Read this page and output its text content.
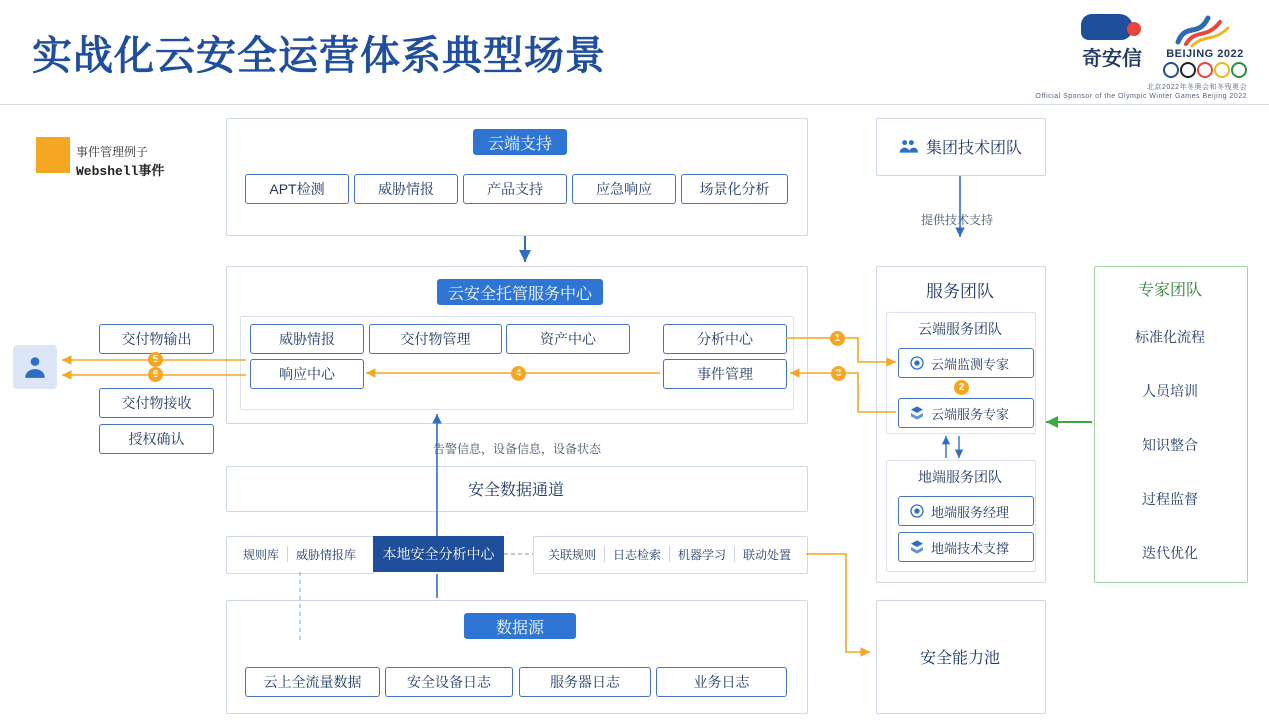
实战化云安全运营体系典型场景	奇安信 BEIJING 2022
北京2022年冬奥会和冬残奥会
Official Sponsor of the Olympic Winter Games Beijing 2022
事件管理例子
Webshell事件
云端支持
APT检测	威胁情报	产品支持	应急响应	场景化分析
云安全托管服务中心
威胁情报	交付物管理	资产中心	分析中心
响应中心	事件管理
交付物输出
交付物接收
授权确认
5
6
告警信息，设备信息，设备状态
安全数据通道
规则库 威胁情报库	本地安全分析中心	关联规则 日志检索 机器学习 联动处置
数据源
云上全流量数据	安全设备日志	服务器日志	业务日志
集团技术团队
提供技术支持
服务团队
云端服务团队
云端监测专家
2
云端服务专家
地端服务团队
地端服务经理
地端技术支撑
安全能力池
专家团队
标准化流程
人员培训
知识整合
过程监督
迭代优化
1
3
4
